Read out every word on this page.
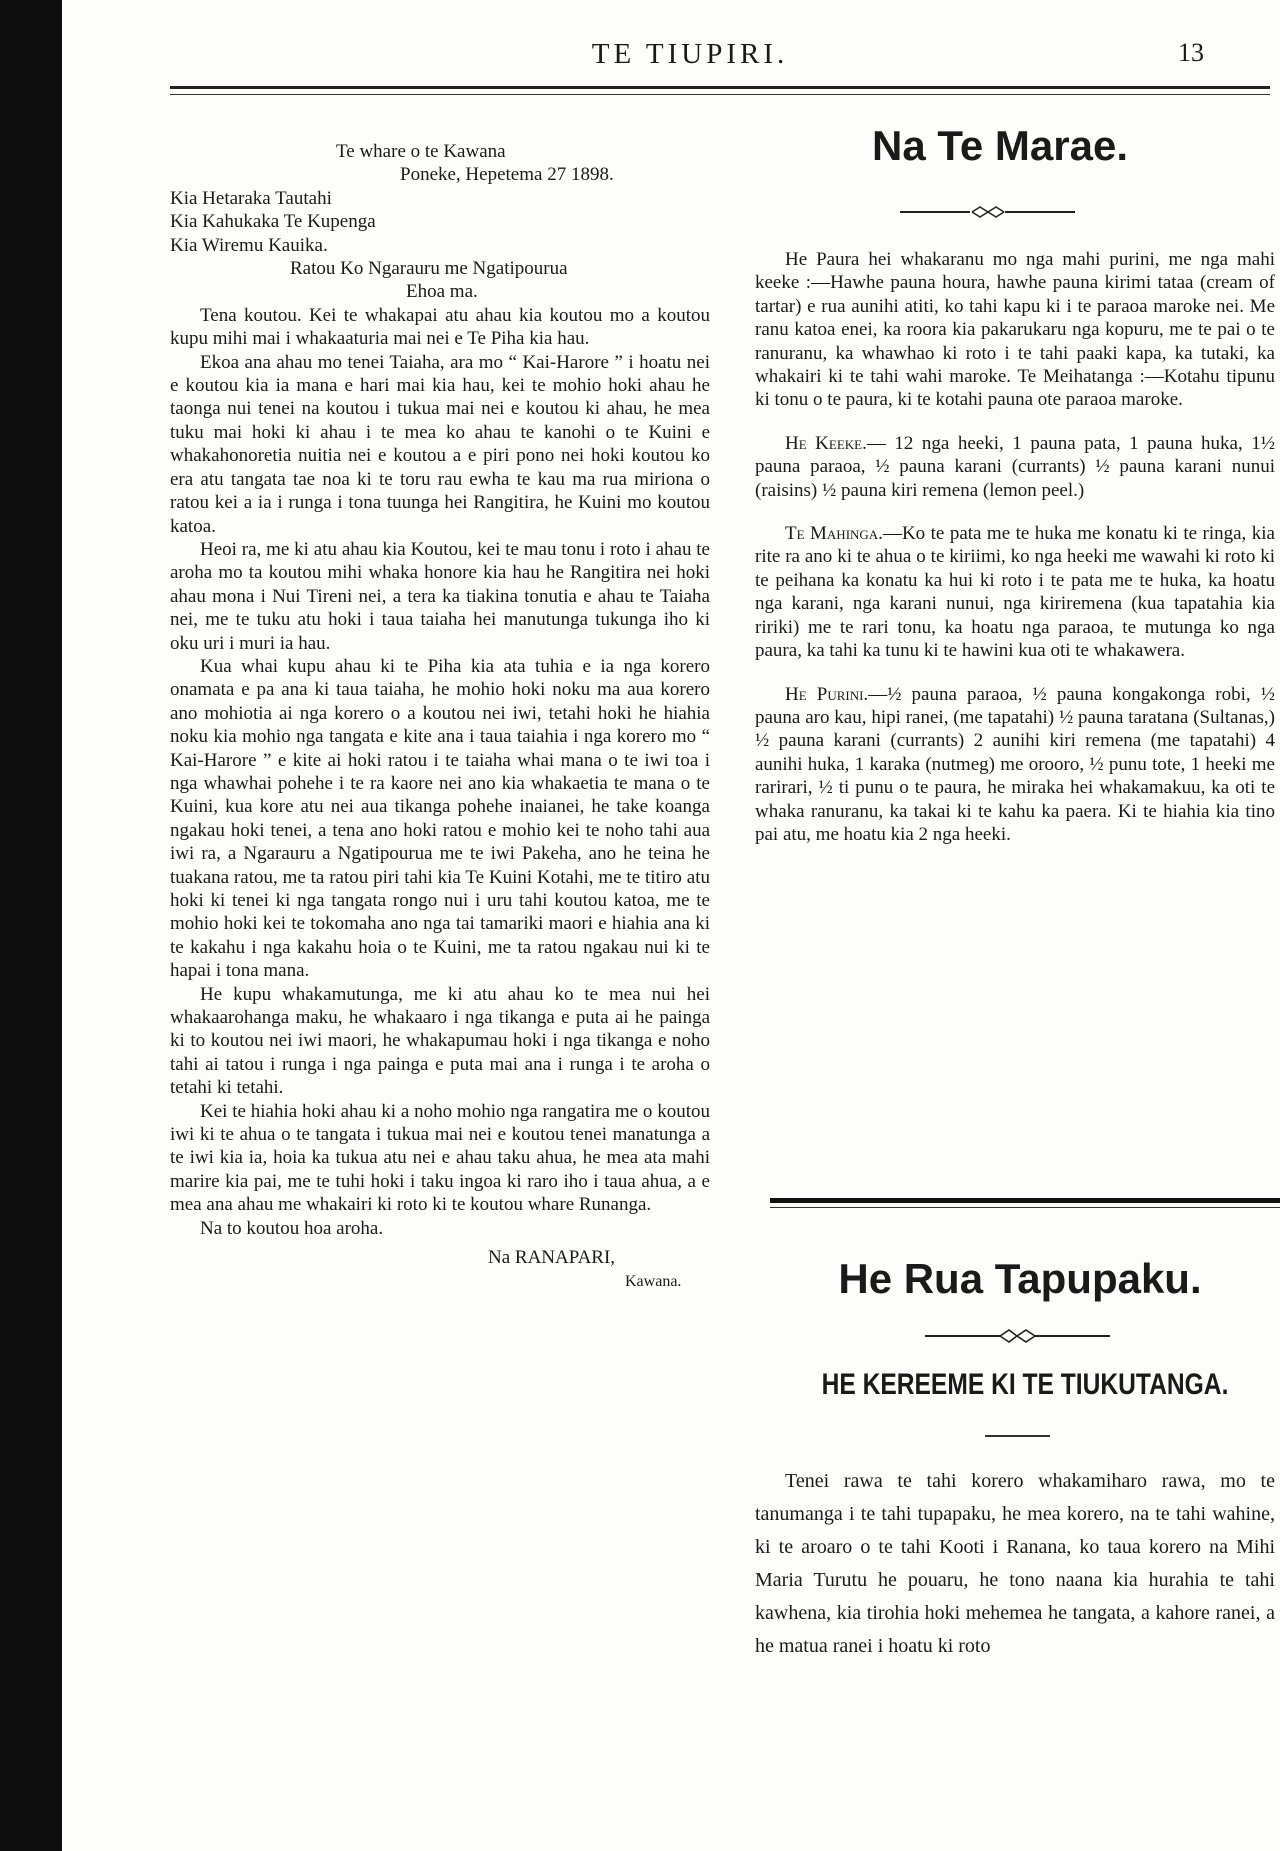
TE TIUPIRI.	13

Te whare o te Kawana

Poneke, Hepetema 27 1898.

Kia Hetaraka Tautahi

Kia Kahukaka Te Kupenga

Kia Wiremu Kauika.

Ratou Ko Ngarauru me Ngatipourua

Ehoa ma.

Tena koutou. Kei te whakapai atu ahau kia koutou mo a koutou kupu mihi mai i whakaaturia mai nei e Te Piha kia hau.

Ekoa ana ahau mo tenei Taiaha, ara mo “ Kai-Harore ” i hoatu nei e koutou kia ia mana e hari mai kia hau, kei te mohio hoki ahau he taonga nui tenei na koutou i tukua mai nei e koutou ki ahau, he mea tuku mai hoki ki ahau i te mea ko ahau te kanohi o te Kuini e whakahonoretia nuitia nei e koutou a e piri pono nei hoki koutou ko era atu tangata tae noa ki te toru rau ewha te kau ma rua miriona o ratou kei a ia i runga i tona tuunga hei Rangitira, he Kuini mo koutou katoa.

Heoi ra, me ki atu ahau kia Koutou, kei te mau tonu i roto i ahau te aroha mo ta koutou mihi whaka honore kia hau he Rangitira nei hoki ahau mona i Nui Tireni nei, a tera ka tiakina tonutia e ahau te Taiaha nei, me te tuku atu hoki i taua taiaha hei manutunga tukunga iho ki oku uri i muri ia hau.

Kua whai kupu ahau ki te Piha kia ata tuhia e ia nga korero onamata e pa ana ki taua taiaha, he mohio hoki noku ma aua korero ano mohiotia ai nga korero o a koutou nei iwi, tetahi hoki he hiahia noku kia mohio nga tangata e kite ana i taua taiahia i nga korero mo “ Kai-Harore ” e kite ai hoki ratou i te taiaha whai mana o te iwi toa i nga whawhai pohehe i te ra kaore nei ano kia whakaetia te mana o te Kuini, kua kore atu nei aua tikanga pohehe inaianei, he take koanga ngakau hoki tenei, a tena ano hoki ratou e mohio kei te noho tahi aua iwi ra, a Ngarauru a Ngatipourua me te iwi Pakeha, ano he teina he tuakana ratou, me ta ratou piri tahi kia Te Kuini Kotahi, me te titiro atu hoki ki tenei ki nga tangata rongo nui i uru tahi koutou katoa, me te mohio hoki kei te tokomaha ano nga tai tamariki maori e hiahia ana ki te kakahu i nga kakahu hoia o te Kuini, me ta ratou ngakau nui ki te hapai i tona mana.

He kupu whakamutunga, me ki atu ahau ko te mea nui hei whakaarohanga maku, he whakaaro i nga tikanga e puta ai he painga ki to koutou nei iwi maori, he whakapumau hoki i nga tikanga e noho tahi ai tatou i runga i nga painga e puta mai ana i runga i te aroha o tetahi ki tetahi.

Kei te hiahia hoki ahau ki a noho mohio nga rangatira me o koutou iwi ki te ahua o te tangata i tukua mai nei e koutou tenei manatunga a te iwi kia ia, hoia ka tukua atu nei e ahau taku ahua, he mea ata mahi marire kia pai, me te tuhi hoki i taku ingoa ki raro iho i taua ahua, a e mea ana ahau me whakairi ki roto ki te koutou whare Runanga.

Na to koutou hoa aroha.

Na RANAPARI,

Kawana.

Na Te Marae.

He Paura hei whakaranu mo nga mahi purini, me nga mahi keeke :—Hawhe pauna houra, hawhe pauna kirimi tataa (cream of tartar) e rua aunihi atiti, ko tahi kapu ki i te paraoa maroke nei. Me ranu katoa enei, ka roora kia pakarukaru nga kopuru, me te pai o te ranuranu, ka whawhao ki roto i te tahi paaki kapa, ka tutaki, ka whakairi ki te tahi wahi maroke. Te Meihatanga :—Kotahu tipunu ki tonu o te paura, ki te kotahi pauna ote paraoa maroke.

He Keeke.— 12 nga heeki, 1 pauna pata, 1 pauna huka, 1½ pauna paraoa, ½ pauna karani (currants) ½ pauna karani nunui (raisins) ½ pauna kiri remena (lemon peel.)

Te Mahinga.—Ko te pata me te huka me konatu ki te ringa, kia rite ra ano ki te ahua o te kiriimi, ko nga heeki me wawahi ki roto ki te peihana ka konatu ka hui ki roto i te pata me te huka, ka hoatu nga karani, nga karani nunui, nga kiriremena (kua tapatahia kia ririki) me te rari tonu, ka hoatu nga paraoa, te mutunga ko nga paura, ka tahi ka tunu ki te hawini kua oti te whakawera.

He Purini.—½ pauna paraoa, ½ pauna kongakonga robi, ½ pauna aro kau, hipi ranei, (me tapatahi) ½ pauna taratana (Sultanas,) ½ pauna karani (currants) 2 aunihi kiri remena (me tapatahi) 4 aunihi huka, 1 karaka (nutmeg) me orooro, ½ punu tote, 1 heeki me rarirari, ½ ti punu o te paura, he miraka hei whakamakuu, ka oti te whaka ranuranu, ka takai ki te kahu ka paera. Ki te hiahia kia tino pai atu, me hoatu kia 2 nga heeki.

He Rua Tapupaku.
HE KEREEME KI TE TIUKUTANGA.

Tenei rawa te tahi korero whakamiharo rawa, mo te tanumanga i te tahi tupapaku, he mea korero, na te tahi wahine, ki te aroaro o te tahi Kooti i Ranana, ko taua korero na Mihi Maria Turutu he pouaru, he tono naana kia hurahia te tahi kawhena, kia tirohia hoki mehemea he tangata, a kahore ranei, a he matua ranei i hoatu ki roto
